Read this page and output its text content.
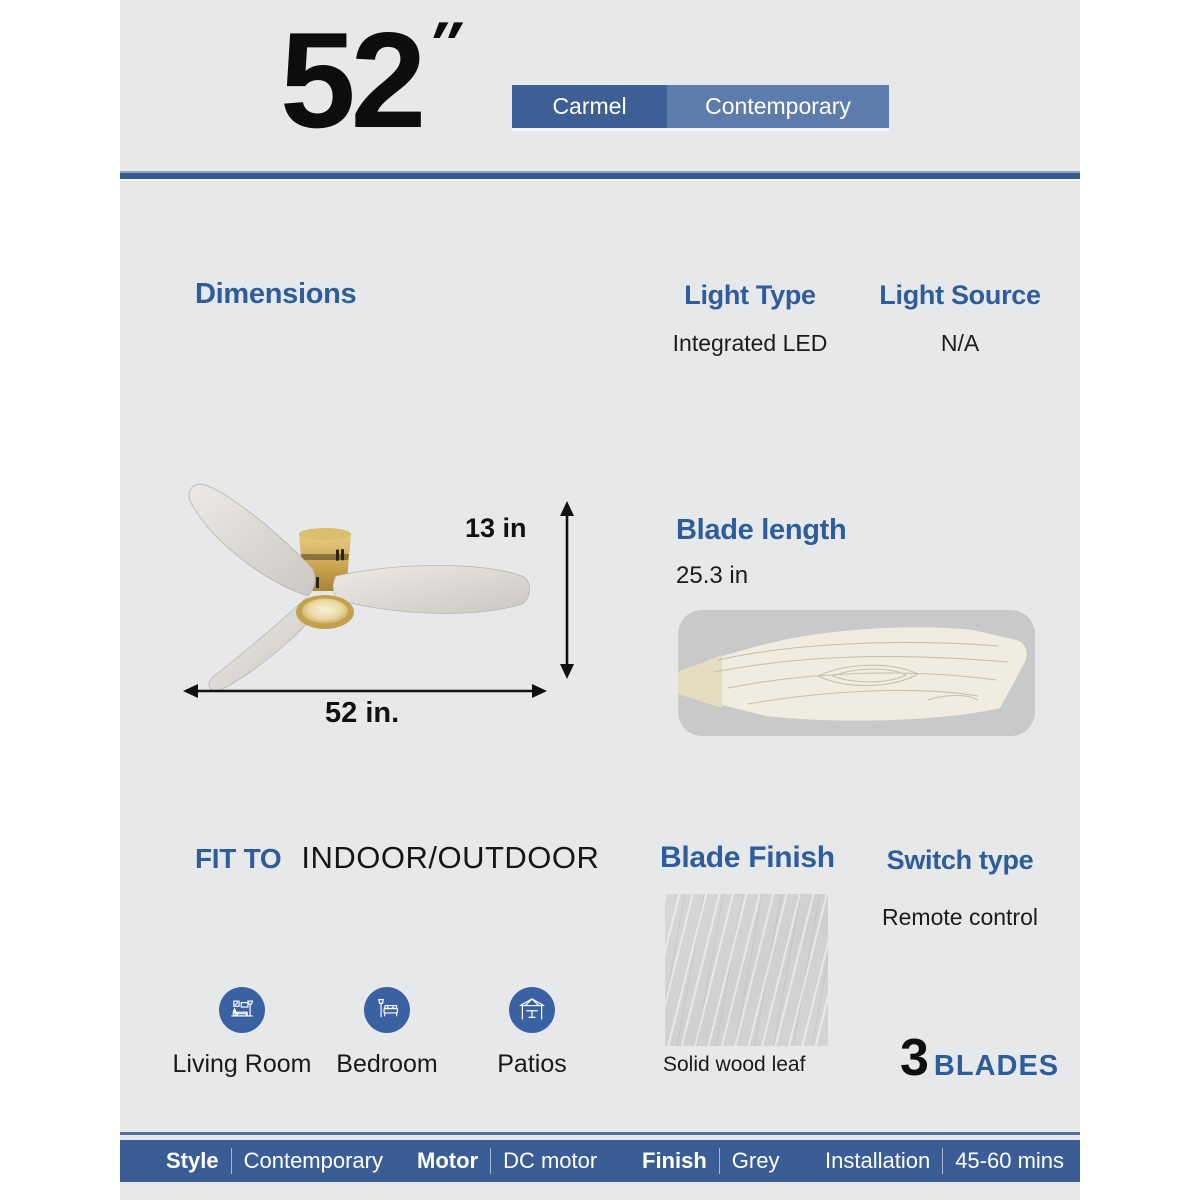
52″
Carmel	Contemporary
Dimensions	Light Type
Integrated LED
Light Source
N/A
13 in
52 in.
Blade length
25.3 in
FIT TO INDOOR/OUTDOOR
Living Room Bedroom	Patios
Blade Finish
Solid wood leaf
Switch type
Remote control
3 BLADES
Style Contemporary Motor DC motor Finish Grey Installation 45-60 mins
